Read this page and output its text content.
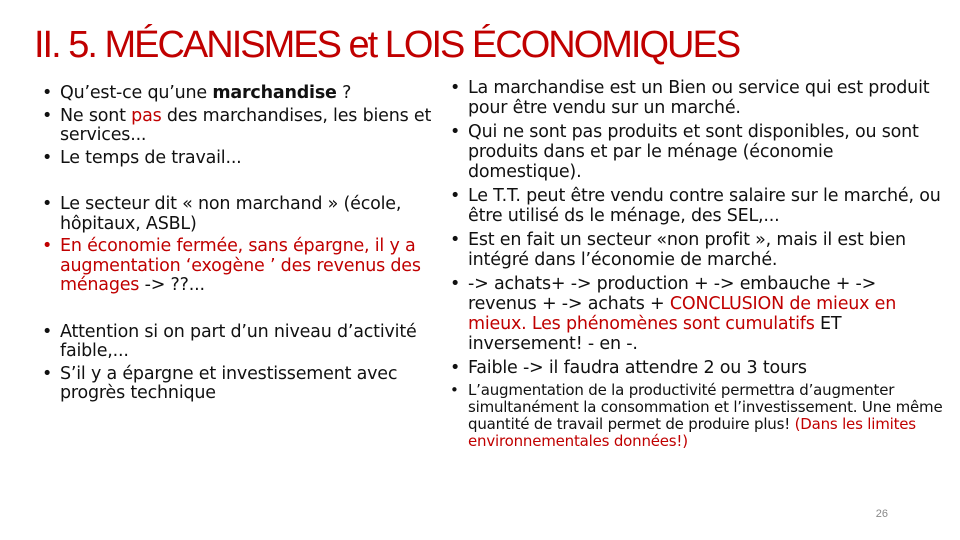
II. 5. MÉCANISMES et LOIS ÉCONOMIQUES
• Qu’est-ce qu’une marchandise ?
• Ne sont pas des marchandises, les biens et services...
• Le temps de travail...
• Le secteur dit « non marchand » (école, hôpitaux, ASBL)
• En économie fermée, sans épargne, il y a augmentation ‘exogène ’ des revenus des ménages -> ??...
• Attention si on part d’un niveau d’activité faible,...
• S’il y a épargne et investissement avec progrès technique
• La marchandise est un Bien ou service qui est produit pour être vendu sur un marché.
• Qui ne sont pas produits et sont disponibles, ou sont produits dans et par le ménage (économie domestique).
• Le T.T. peut être vendu contre salaire sur le marché, ou être utilisé ds le ménage, des SEL,...
• Est en fait un secteur «non profit », mais il est bien intégré dans l’économie de marché.
• -> achats+ -> production + -> embauche + -> revenus + -> achats + CONCLUSION de mieux en mieux. Les phénomènes sont cumulatifs ET inversement! - en -.
• Faible -> il faudra attendre 2 ou 3 tours
• L’augmentation de la productivité permettra d’augmenter simultanément la consommation et l’investissement. Une même quantité de travail permet de produire plus! (Dans les limites environnementales données!)
26
